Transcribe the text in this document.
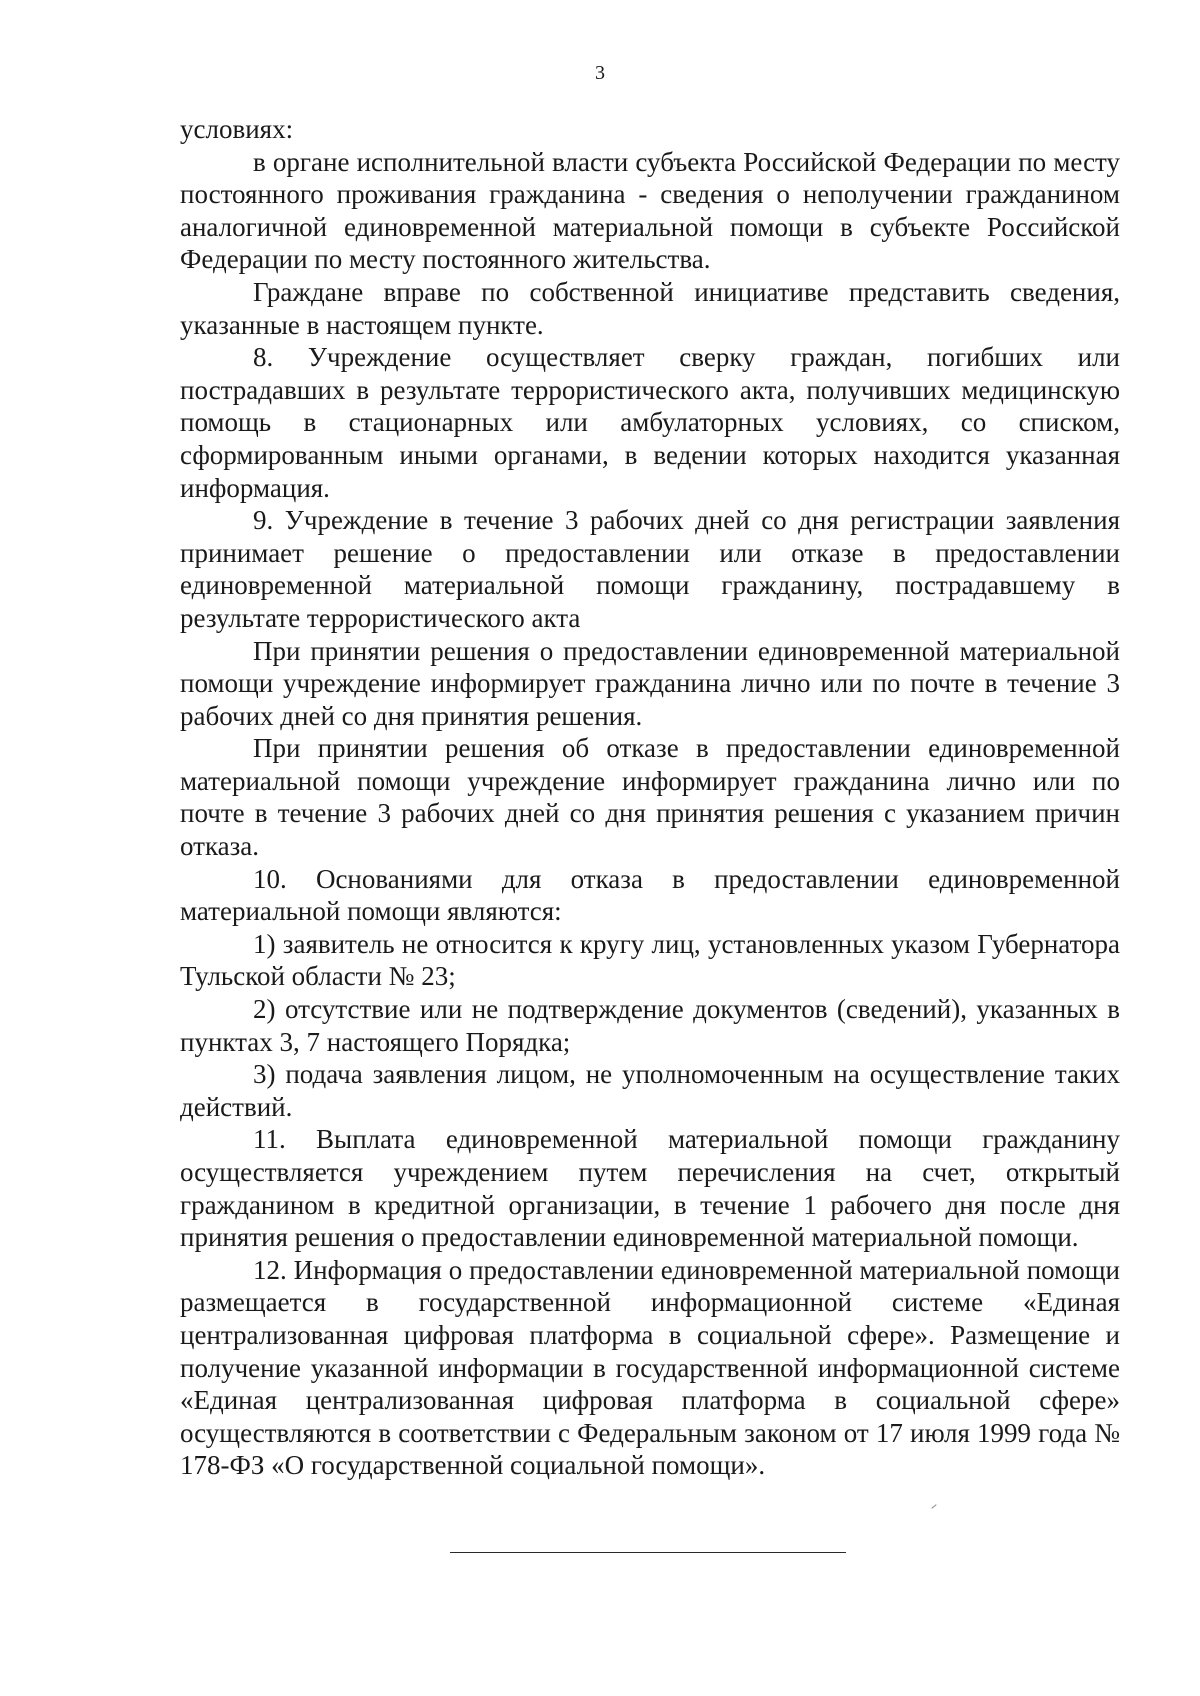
3

условиях:

в органе исполнительной власти субъекта Российской Федерации по месту постоянного проживания гражданина - сведения о неполучении гражданином аналогичной единовременной материальной помощи в субъекте Российской Федерации по месту постоянного жительства.

Граждане вправе по собственной инициативе представить сведения, указанные в настоящем пункте.

8. Учреждение осуществляет сверку граждан, погибших или пострадавших в результате террористического акта, получивших медицинскую помощь в стационарных или амбулаторных условиях, со списком, сформированным иными органами, в ведении которых находится указанная информация.

9. Учреждение в течение 3 рабочих дней со дня регистрации заявления принимает решение о предоставлении или отказе в предоставлении единовременной материальной помощи гражданину, пострадавшему в результате террористического акта

При принятии решения о предоставлении единовременной материальной помощи учреждение информирует гражданина лично или по почте в течение 3 рабочих дней со дня принятия решения.

При принятии решения об отказе в предоставлении единовременной материальной помощи учреждение информирует гражданина лично или по почте в течение 3 рабочих дней со дня принятия решения с указанием причин отказа.

10. Основаниями для отказа в предоставлении единовременной материальной помощи являются:

1) заявитель не относится к кругу лиц, установленных указом Губернатора Тульской области № 23;

2) отсутствие или не подтверждение документов (сведений), указанных в пунктах 3, 7 настоящего Порядка;

3) подача заявления лицом, не уполномоченным на осуществление таких действий.

11. Выплата единовременной материальной помощи гражданину осуществляется учреждением путем перечисления на счет, открытый гражданином в кредитной организации, в течение 1 рабочего дня после дня принятия решения о предоставлении единовременной материальной помощи.

12. Информация о предоставлении единовременной материальной помощи размещается в государственной информационной системе «Единая централизованная цифровая платформа в социальной сфере». Размещение и получение указанной информации в государственной информационной системе «Единая централизованная цифровая платформа в социальной сфере» осуществляются в соответствии с Федеральным законом от 17 июля 1999 года № 178-ФЗ «О государственной социальной помощи».
